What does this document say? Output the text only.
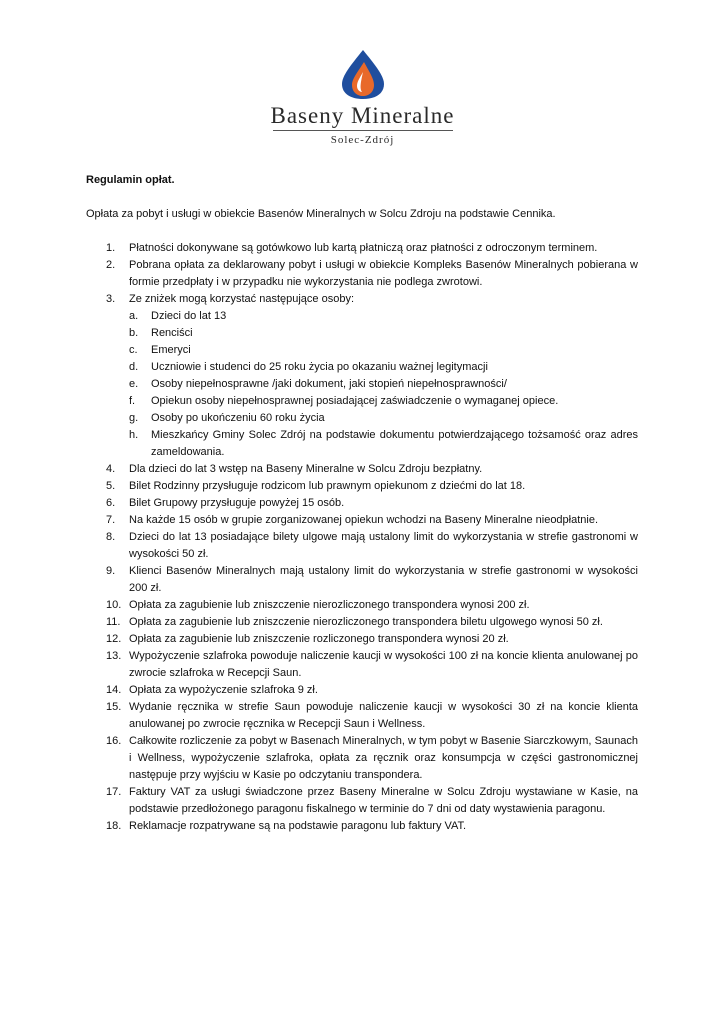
Baseny Mineralne
Solec-Zdrój

Regulamin opłat.

Opłata za pobyt i usługi w obiekcie Basenów Mineralnych w Solcu Zdroju na podstawie Cennika.

1. Płatności dokonywane są gotówkowo lub kartą płatniczą oraz płatności z odroczonym terminem.
2. Pobrana opłata za deklarowany pobyt i usługi w obiekcie Kompleks Basenów Mineralnych pobierana w formie przedpłaty i w przypadku nie wykorzystania nie podlega zwrotowi.
3. Ze zniżek mogą korzystać następujące osoby:
a. Dzieci do lat 13
b. Renciści
c. Emeryci
d. Uczniowie i studenci do 25 roku życia po okazaniu ważnej legitymacji
e. Osoby niepełnosprawne /jaki dokument, jaki stopień niepełnosprawności/
f. Opiekun osoby niepełnosprawnej posiadającej zaświadczenie o wymaganej opiece.
g. Osoby po ukończeniu 60 roku życia
h. Mieszkańcy Gminy Solec Zdrój na podstawie dokumentu potwierdzającego tożsamość oraz adres zameldowania.
4. Dla dzieci do lat 3 wstęp na Baseny Mineralne w Solcu Zdroju bezpłatny.
5. Bilet Rodzinny przysługuje rodzicom lub prawnym opiekunom z dziećmi do lat 18.
6. Bilet Grupowy przysługuje powyżej 15 osób.
7. Na każde 15 osób w grupie zorganizowanej opiekun wchodzi na Baseny Mineralne nieodpłatnie.
8. Dzieci do lat 13 posiadające bilety ulgowe mają ustalony limit do wykorzystania w strefie gastronomi w wysokości 50 zł.
9. Klienci Basenów Mineralnych mają ustalony limit do wykorzystania w strefie gastronomi w wysokości 200 zł.
10. Opłata za zagubienie lub zniszczenie nierozliczonego transpondera wynosi 200 zł.
11. Opłata za zagubienie lub zniszczenie nierozliczonego transpondera biletu ulgowego wynosi 50 zł.
12. Opłata za zagubienie lub zniszczenie rozliczonego transpondera wynosi 20 zł.
13. Wypożyczenie szlafroka powoduje naliczenie kaucji w wysokości 100 zł na koncie klienta anulowanej po zwrocie szlafroka w Recepcji Saun.
14. Opłata za wypożyczenie szlafroka 9 zł.
15. Wydanie ręcznika w strefie Saun powoduje naliczenie kaucji w wysokości 30 zł na koncie klienta anulowanej po zwrocie ręcznika w Recepcji Saun i Wellness.
16. Całkowite rozliczenie za pobyt w Basenach Mineralnych, w tym pobyt w Basenie Siarczkowym, Saunach i Wellness, wypożyczenie szlafroka, opłata za ręcznik oraz konsumpcja w części gastronomicznej następuje przy wyjściu w Kasie po odczytaniu transpondera.
17. Faktury VAT za usługi świadczone przez Baseny Mineralne w Solcu Zdroju wystawiane w Kasie, na podstawie przedłożonego paragonu fiskalnego w terminie do 7 dni od daty wystawienia paragonu.
18. Reklamacje rozpatrywane są na podstawie paragonu lub faktury VAT.
